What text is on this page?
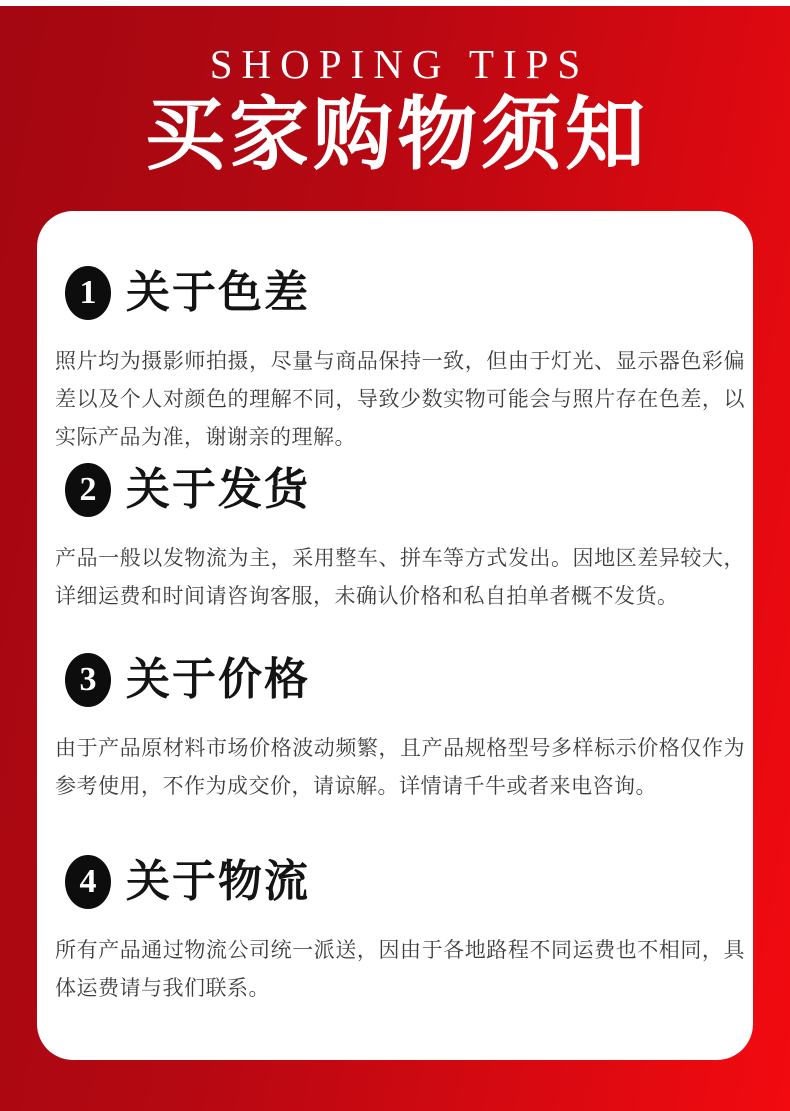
SHOPING TIPS
买家购物须知
1 关于色差
照片均为摄影师拍摄，尽量与商品保持一致，但由于灯光、显示器色彩偏差以及个人对颜色的理解不同，导致少数实物可能会与照片存在色差，以实际产品为准，谢谢亲的理解。
2 关于发货
产品一般以发物流为主，采用整车、拼车等方式发出。因地区差异较大，详细运费和时间请咨询客服，未确认价格和私自拍单者概不发货。
3 关于价格
由于产品原材料市场价格波动频繁，且产品规格型号多样标示价格仅作为参考使用，不作为成交价，请谅解。详情请千牛或者来电咨询。
4 关于物流
所有产品通过物流公司统一派送，因由于各地路程不同运费也不相同，具体运费请与我们联系。
